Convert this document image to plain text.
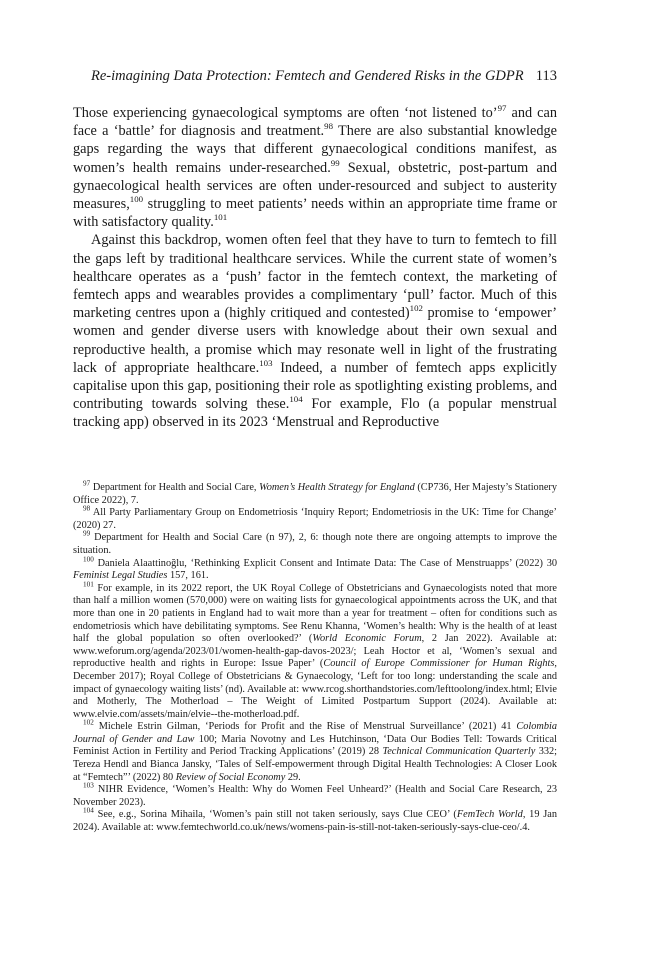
Re-imagining Data Protection: Femtech and Gendered Risks in the GDPR 113

Those experiencing gynaecological symptoms are often ‘not listened to’$^{97}$ and can face a ‘battle’ for diagnosis and treatment.$^{98}$ There are also substantial knowledge gaps regarding the ways that different gynaecological conditions manifest, as women’s health remains under-researched.$^{99}$ Sexual, obstetric, post-partum and gynaecological health services are often under-resourced and subject to austerity measures,$^{100}$ struggling to meet patients’ needs within an appropriate time frame or with satisfactory quality.$^{101}$

Against this backdrop, women often feel that they have to turn to femtech to fill the gaps left by traditional healthcare services. While the current state of women’s healthcare operates as a ‘push’ factor in the femtech context, the marketing of femtech apps and wearables provides a complimentary ‘pull’ factor. Much of this marketing centres upon a (highly critiqued and contested)$^{102}$ promise to ‘empower’ women and gender diverse users with knowledge about their own sexual and reproductive health, a promise which may resonate well in light of the frustrating lack of appropriate healthcare.$^{103}$ Indeed, a number of femtech apps explicitly capitalise upon this gap, positioning their role as spotlighting existing problems, and contributing towards solving these.$^{104}$ For example, Flo (a popular menstrual tracking app) observed in its 2023 ‘Menstrual and Reproductive

$^{97}$ Department for Health and Social Care, Women’s Health Strategy for England (CP736, Her Majesty’s Stationery Office 2022), 7.

$^{98}$ All Party Parliamentary Group on Endometriosis ‘Inquiry Report; Endometriosis in the UK: Time for Change’ (2020) 27.

$^{99}$ Department for Health and Social Care (n 97), 2, 6: though note there are ongoing attempts to improve the situation.

$^{100}$ Daniela Alaattinoğlu, ‘Rethinking Explicit Consent and Intimate Data: The Case of Menstruapps’ (2022) 30 Feminist Legal Studies 157, 161.

$^{101}$ For example, in its 2022 report, the UK Royal College of Obstetricians and Gynaecologists noted that more than half a million women (570,000) were on waiting lists for gynaecological appointments across the UK, and that more than one in 20 patients in England had to wait more than a year for treatment – often for conditions such as endometriosis which have debilitating symptoms. See Renu Khanna, ‘Women’s health: Why is the health of at least half the global population so often overlooked?’ (World Economic Forum, 2 Jan 2022). Available at: www.weforum.org/agenda/2023/01/women-health-gap-davos-2023/; Leah Hoctor et al, ‘Women’s sexual and reproductive health and rights in Europe: Issue Paper’ (Council of Europe Commissioner for Human Rights, December 2017); Royal College of Obstetricians & Gynaecology, ‘Left for too long: understanding the scale and impact of gynaecology waiting lists’ (nd). Available at: www.rcog.shorthandstories.com/lefttoolong/index.html; Elvie and Motherly, The Motherload – The Weight of Limited Postpartum Support (2024). Available at: www.elvie.com/assets/main/elvie--the-motherload.pdf.

$^{102}$ Michele Estrin Gilman, ‘Periods for Profit and the Rise of Menstrual Surveillance’ (2021) 41 Colombia Journal of Gender and Law 100; Maria Novotny and Les Hutchinson, ‘Data Our Bodies Tell: Towards Critical Feminist Action in Fertility and Period Tracking Applications’ (2019) 28 Technical Communication Quarterly 332; Tereza Hendl and Bianca Jansky, ‘Tales of Self-empowerment through Digital Health Technologies: A Closer Look at “Femtech”’ (2022) 80 Review of Social Economy 29.

$^{103}$ NIHR Evidence, ‘Women’s Health: Why do Women Feel Unheard?’ (Health and Social Care Research, 23 November 2023).

$^{104}$ See, e.g., Sorina Mihaila, ‘Women’s pain still not taken seriously, says Clue CEO’ (FemTech World, 19 Jan 2024). Available at: www.femtechworld.co.uk/news/womens-pain-is-still-not-taken-seriously-says-clue-ceo/.4.
